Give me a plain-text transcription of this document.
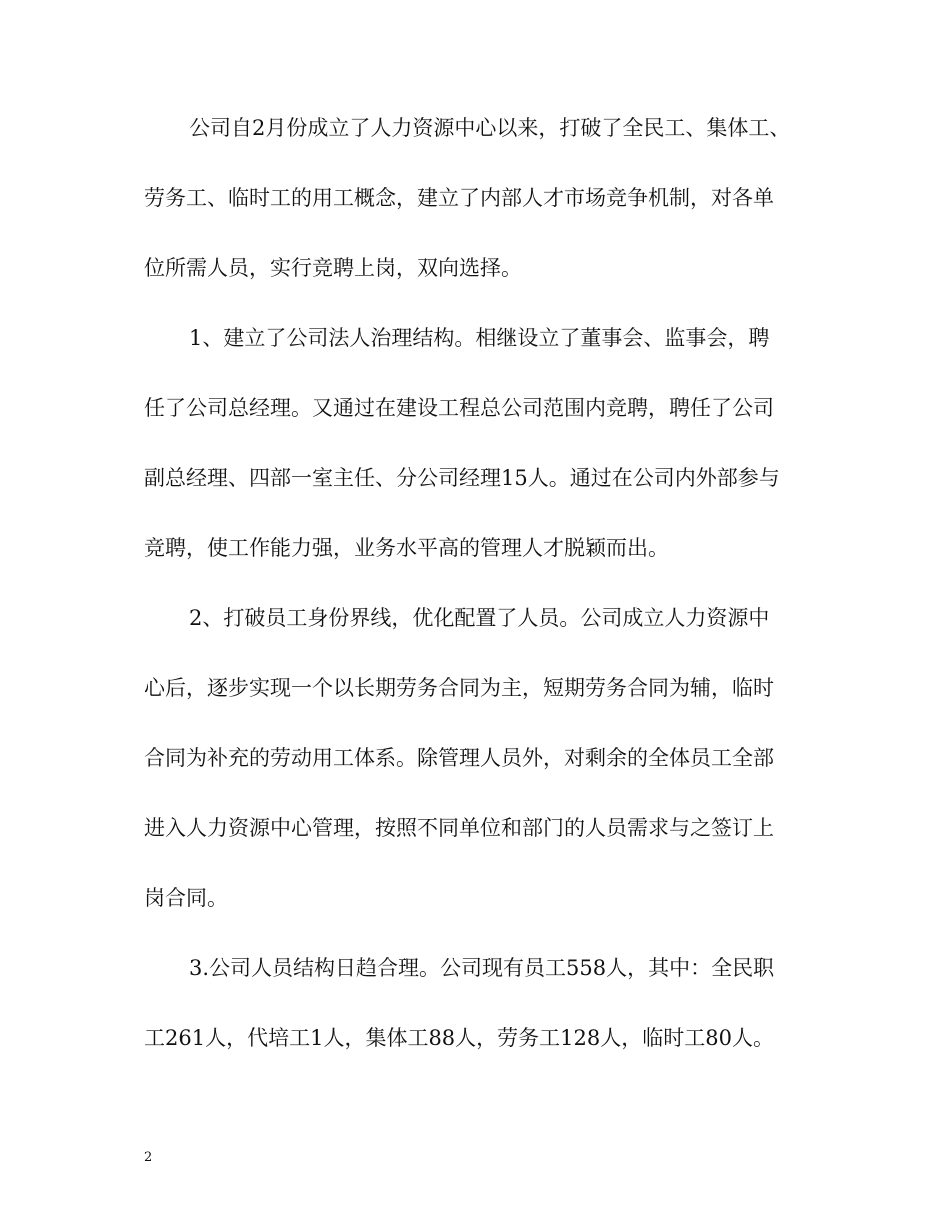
公司自2月份成立了人力资源中心以来，打破了全民工、集体工、

劳务工、临时工的用工概念，建立了内部人才市场竞争机制，对各单

位所需人员，实行竞聘上岗，双向选择。

1、建立了公司法人治理结构。相继设立了董事会、监事会，聘

任了公司总经理。又通过在建设工程总公司范围内竞聘，聘任了公司

副总经理、四部一室主任、分公司经理15人。通过在公司内外部参与

竞聘，使工作能力强，业务水平高的管理人才脱颖而出。

2、打破员工身份界线，优化配置了人员。公司成立人力资源中

心后，逐步实现一个以长期劳务合同为主，短期劳务合同为辅，临时

合同为补充的劳动用工体系。除管理人员外，对剩余的全体员工全部

进入人力资源中心管理，按照不同单位和部门的人员需求与之签订上

岗合同。

3.公司人员结构日趋合理。公司现有员工558人，其中：全民职

工261人，代培工1人，集体工88人，劳务工128人，临时工80人。

2
